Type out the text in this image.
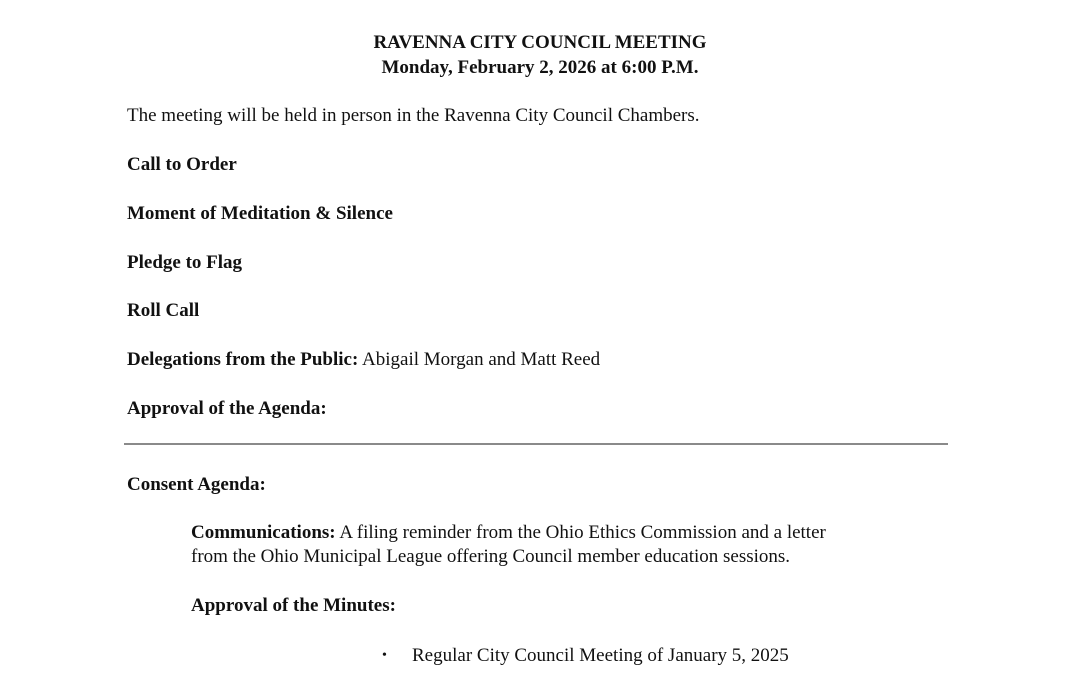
RAVENNA CITY COUNCIL MEETING
Monday, February 2, 2026 at 6:00 P.M.
The meeting will be held in person in the Ravenna City Council Chambers.
Call to Order
Moment of Meditation & Silence
Pledge to Flag
Roll Call
Delegations from the Public: Abigail Morgan and Matt Reed
Approval of the Agenda:
Consent Agenda:
Communications: A filing reminder from the Ohio Ethics Commission and a letter
from the Ohio Municipal League offering Council member education sessions.
Approval of the Minutes:
• Regular City Council Meeting of January 5, 2025
